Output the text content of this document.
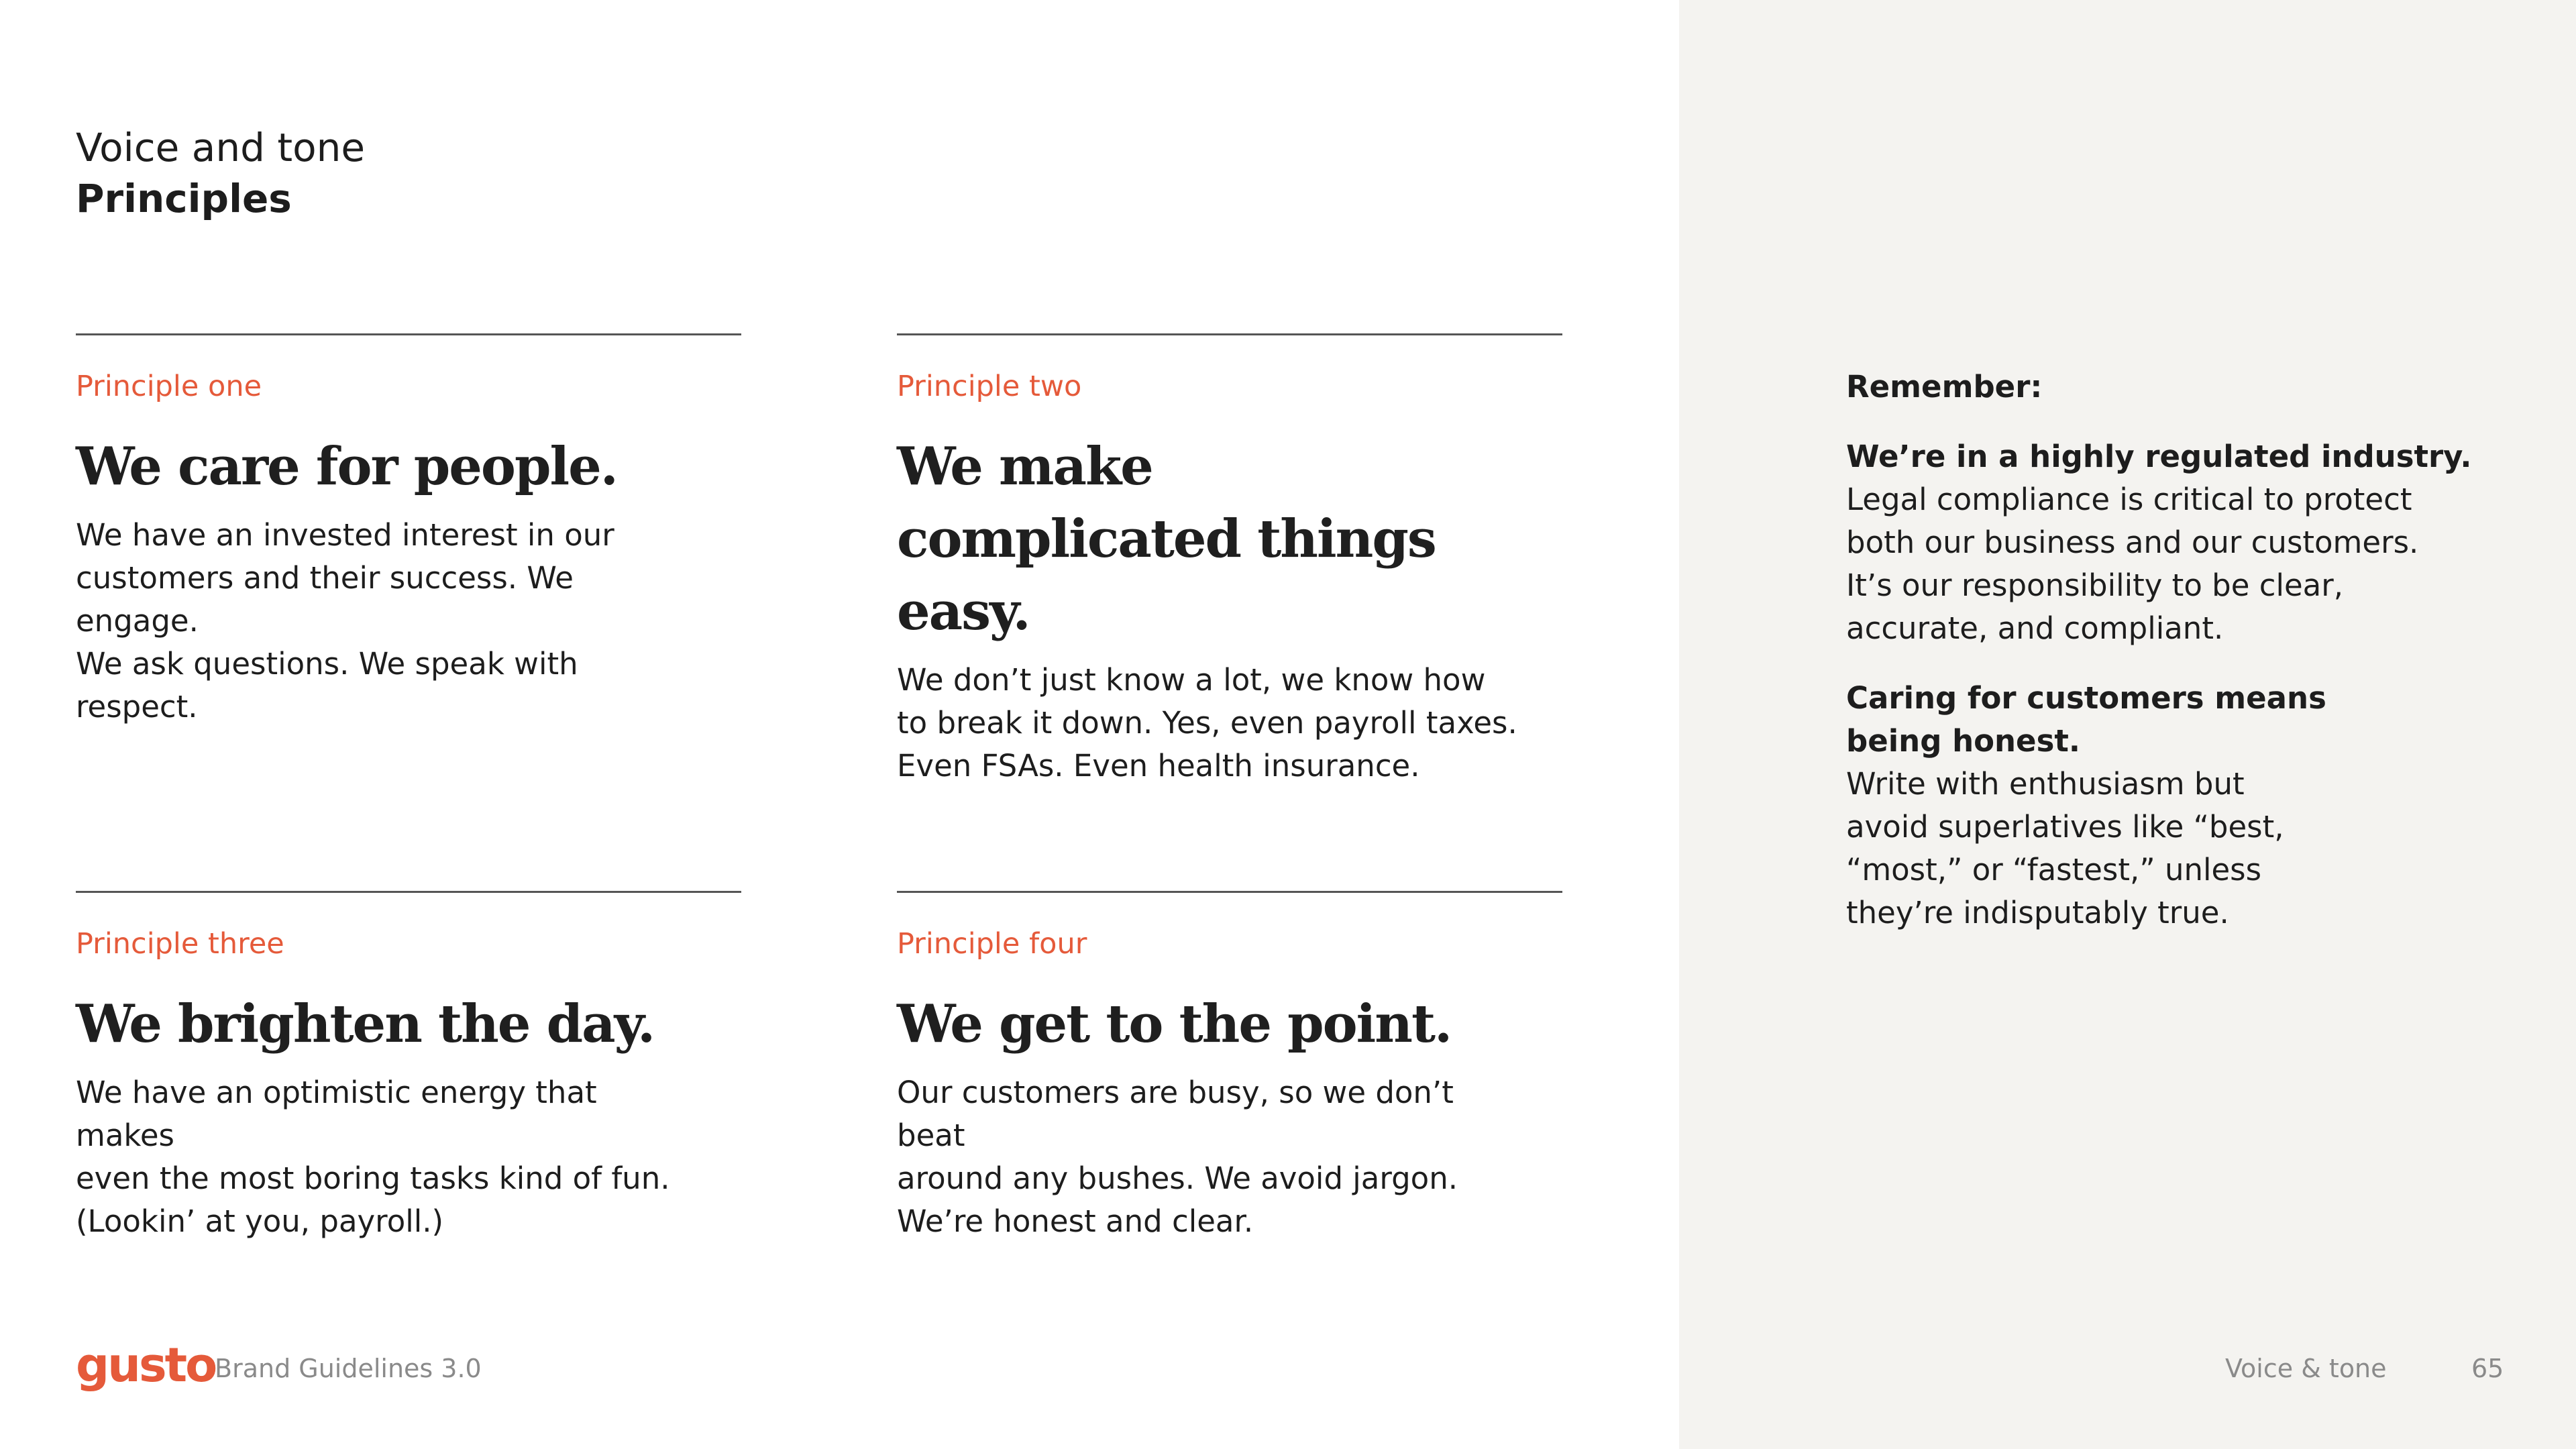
Voice and tone
Principles
Principle one
We care for people.
We have an invested interest in our
customers and their success. We engage.
We ask questions. We speak with respect.
Principle two
We make complicated things easy.
We don’t just know a lot, we know how
to break it down. Yes, even payroll taxes.
Even FSAs. Even health insurance.
Principle three
We brighten the day.
We have an optimistic energy that makes
even the most boring tasks kind of fun.
(Lookin’ at you, payroll.)
Principle four
We get to the point.
Our customers are busy, so we don’t beat
around any bushes. We avoid jargon.
We’re honest and clear.
Remember:
We’re in a highly regulated industry.
Legal compliance is critical to protect
both our business and our customers.
It’s our responsibility to be clear,
accurate, and compliant.
Caring for customers means
being honest.
Write with enthusiasm but
avoid superlatives like “best,
“most,” or “fastest,” unless
they’re indisputably true.
gusto
Brand Guidelines 3.0	Voice & tone	65
